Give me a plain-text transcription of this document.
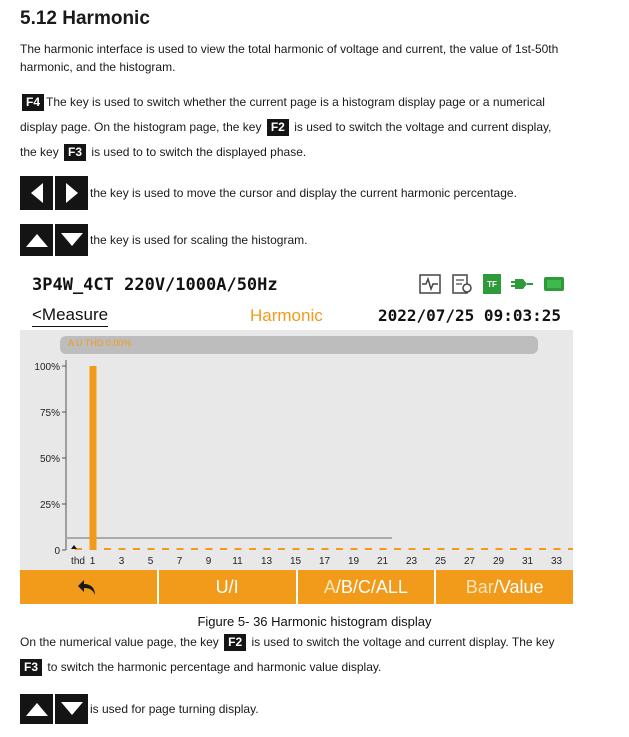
5.12 Harmonic
The harmonic interface is used to view the total harmonic of voltage and current, the value of 1st-50th
harmonic, and the histogram.
F4 The key is used to switch whether the current page is a histogram display page or a numerical
display page. On the histogram page, the key F2 is used to switch the voltage and current display,
the key F3 is used to to switch the displayed phase.
the key is used to move the cursor and display the current harmonic percentage.
the key is used for scaling the histogram.
3P4W_4CT 220V/1000A/50Hz	TF
<Measure	Harmonic	2022/07/25 09:03:25
A U THD 0.00%
0
25%
50%
75%
100%
thd 1 3 5 7 9 11 13 15 17 19 21 23 25 27 29 31 33
U/I	A /B/C/ALL	Bar /Value
Figure 5- 36 Harmonic histogram display
On the numerical value page, the key F2 is used to switch the voltage and current display. The key
F3 to switch the harmonic percentage and harmonic value display.
is used for page turning display.
